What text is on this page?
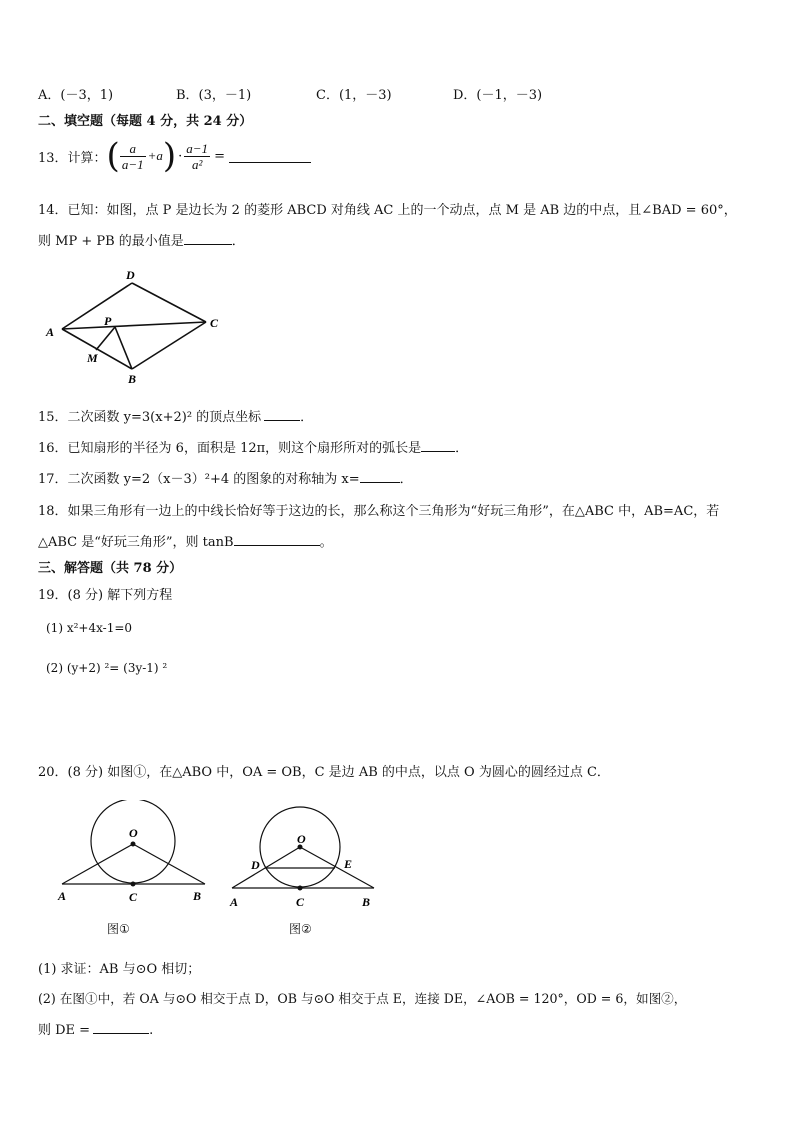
A．(－3，1)	B．(3，－1)	C．(1，－3)	D．(－1，－3)
二、填空题（每题 4 分，共 24 分）
13．计算： ( $\frac{a}{a-1} +a$ ) · $\frac{a-1}{\text{a²}}$ =
14．已知：如图，点 P 是边长为 2 的菱形 ABCD 对角线 AC 上的一个动点，点 M 是 AB 边的中点，且∠BAD = 60°，
则 MP + PB 的最小值是	．
D
A
P	C
M
B
15．二次函数 y=3(x+2)² 的顶点坐标	．
16．已知扇形的半径为 6，面积是 12π，则这个扇形所对的弧长是	．
17．二次函数 y=2（x－3）²+4 的图象的对称轴为 x=	．
18．如果三角形有一边上的中线长恰好等于这边的长，那么称这个三角形为“好玩三角形”，在△ABC 中，AB=AC，若
△ABC 是“好玩三角形”，则 tanB	。
三、解答题（共 78 分）
19．(8 分) 解下列方程
(1) x²+4x-1=0
(2) (y+2) ²= (3y-1) ²
20．(8 分) 如图①，在△ABO 中，OA = OB，C 是边 AB 的中点，以点 O 为圆心的圆经过点 C．
O
A	C	B
图①
O
D	E
A	C	B
图②
(1) 求证：AB 与⊙O 相切；
(2) 在图①中，若 OA 与⊙O 相交于点 D，OB 与⊙O 相交于点 E，连接 DE，∠AOB = 120°，OD = 6，如图②，
则 DE =	.
